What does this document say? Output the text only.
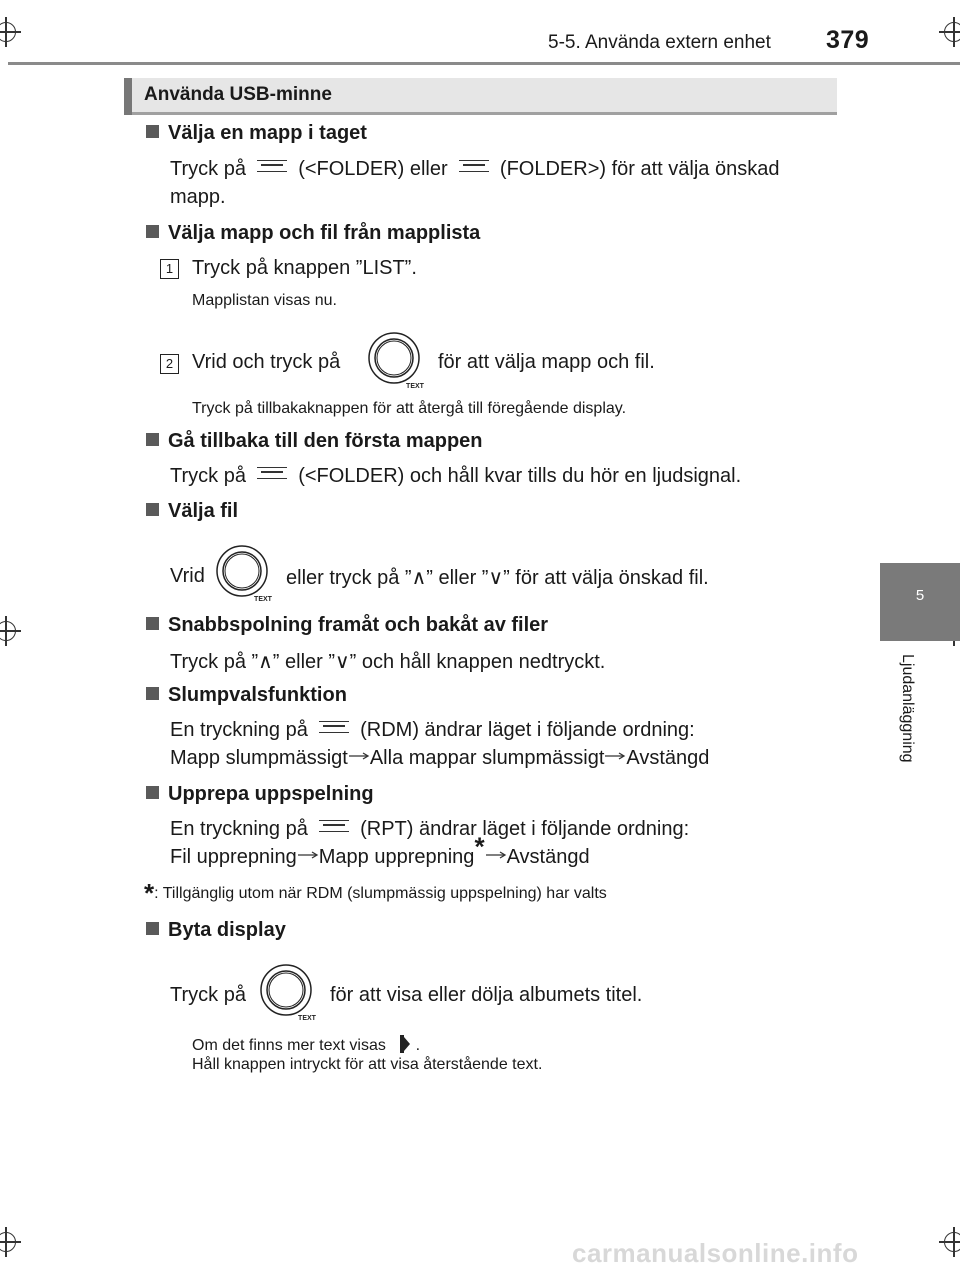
5-5. Använda extern enhet 379
5
Ljudanläggning
Använda USB-minne
Välja en mapp i taget
Tryck på	(<FOLDER) eller	(FOLDER>) för att välja önskad
mapp.
Välja mapp och fil från mapplista
1 Tryck på knappen ”LIST”.
Mapplistan visas nu.
2 Vrid och tryck på
TEXT
för att välja mapp och fil.
Tryck på tillbakaknappen för att återgå till föregående display.
Gå tillbaka till den första mappen
Tryck på	(<FOLDER) och håll kvar tills du hör en ljudsignal.
Välja fil
Vrid
TEXT
eller tryck på ”∧” eller ”∨” för att välja önskad fil.
Snabbspolning framåt och bakåt av filer
Tryck på ”∧” eller ”∨” och håll knappen nedtryckt.
Slumpvalsfunktion
En tryckning på	(RDM) ändrar läget i följande ordning:
Mapp slumpmässigt Alla mappar slumpmässigt Avstängd
Upprepa uppspelning
En tryckning på	(RPT) ändrar läget i följande ordning:
Fil upprepning Mapp upprepning* Avstängd
*: Tillgänglig utom när RDM (slumpmässig uppspelning) har valts
Byta display
Tryck på
TEXT
för att visa eller dölja albumets titel.
Om det finns mer text visas .
Håll knappen intryckt för att visa återstående text.
carmanualsonline.info
